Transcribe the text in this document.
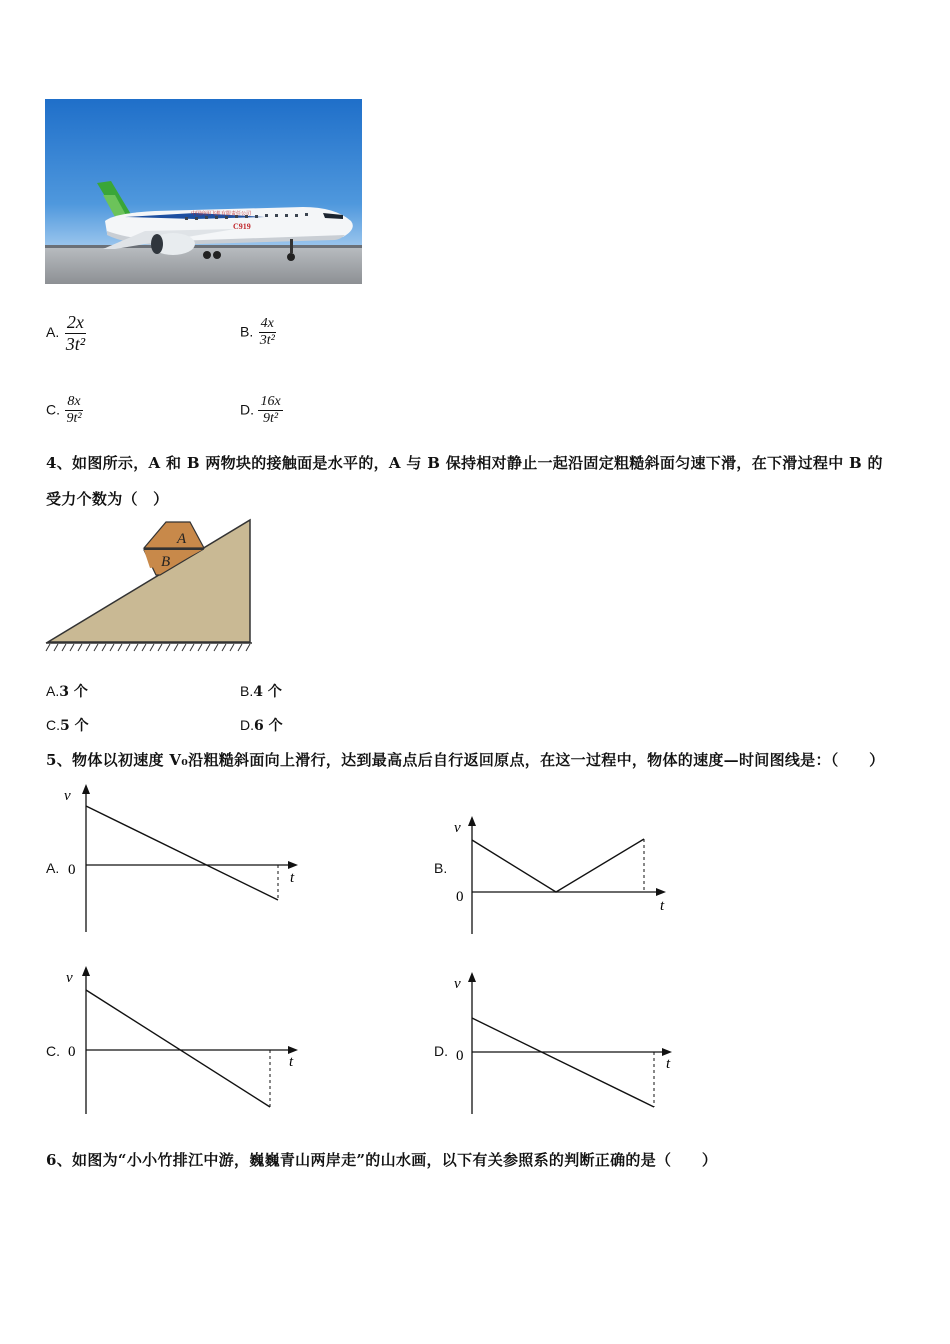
中国商用飞机有限责任公司
C919
A. $\frac{2x}{\text{3t²}}$	B. $\frac{4x}{\text{3t²}}$
C. $\frac{8x}{\text{9t²}}$	D. $\frac{16x}{\text{9t²}}$
4、如图所示，A 和 B 两物块的接触面是水平的，A 与 B 保持相对静止一起沿固定粗糙斜面匀速下滑，在下滑过程中 B 的
受力个数为（　）
A
B
A.3 个	B.4 个
C.5 个	D.6 个
5、物体以初速度 V₀沿粗糙斜面向上滑行，达到最高点后自行返回原点，在这一过程中，物体的速度—时间图线是：（　　）
A.
v
t
0	B.
v
t
0
C.
v
t
0	D.
v
t
0
6、如图为“小小竹排江中游，巍巍青山两岸走”的山水画，以下有关参照系的判断正确的是（　　）
